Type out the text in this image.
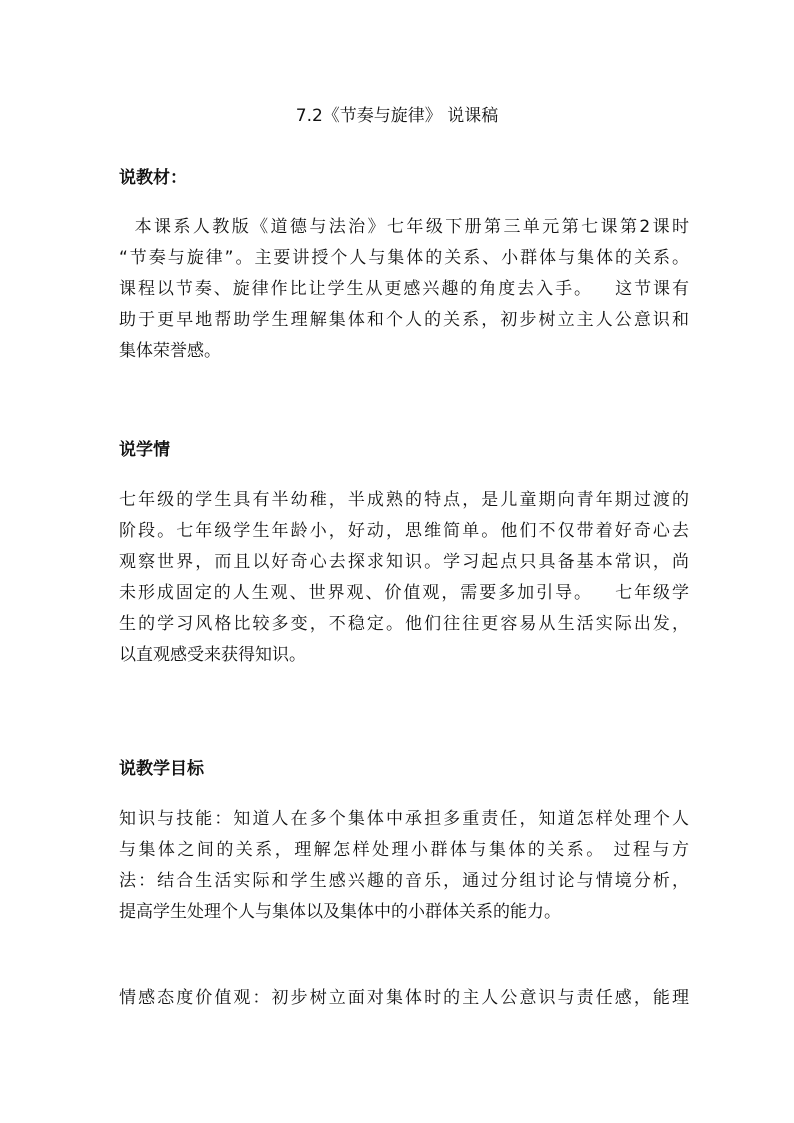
7.2《节奏与旋律》 说课稿
说教材：
本课系人教版《道德与法治》七年级下册第三单元第七课第2课时
“节奏与旋律”。主要讲授个人与集体的关系、小群体与集体的关系。
课程以节奏、旋律作比让学生从更感兴趣的角度去入手。   这节课有
助于更早地帮助学生理解集体和个人的关系，初步树立主人公意识和
集体荣誉感。
说学情
七年级的学生具有半幼稚，半成熟的特点，是儿童期向青年期过渡的
阶段。七年级学生年龄小，好动，思维简单。他们不仅带着好奇心去
观察世界，而且以好奇心去探求知识。学习起点只具备基本常识，尚
未形成固定的人生观、世界观、价值观，需要多加引导。   七年级学
生的学习风格比较多变，不稳定。他们往往更容易从生活实际出发，
以直观感受来获得知识。
说教学目标
知识与技能：知道人在多个集体中承担多重责任，知道怎样处理个人
与集体之间的关系，理解怎样处理小群体与集体的关系。 过程与方
法：结合生活实际和学生感兴趣的音乐，通过分组讨论与情境分析，
提高学生处理个人与集体以及集体中的小群体关系的能力。
情感态度价值观：初步树立面对集体时的主人公意识与责任感，能理
